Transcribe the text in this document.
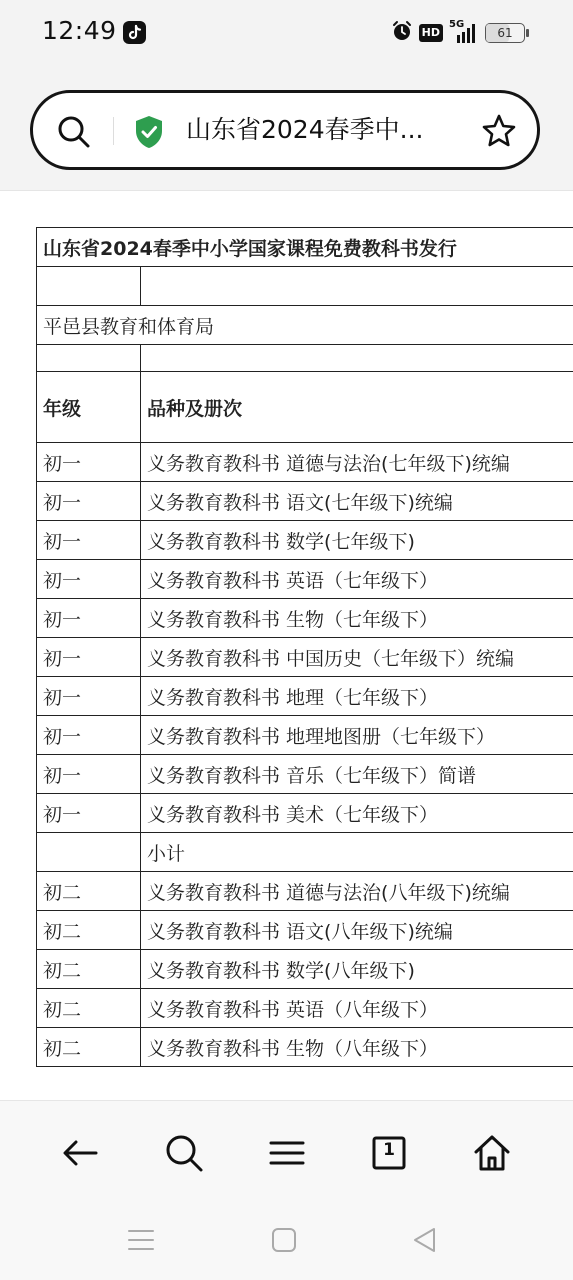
12:49	HD
5G
61
山东省2024春季中...
山东省2024春季中小学国家课程免费教科书发行	

平邑县教育和体育局	

年级	品种及册次
初一	义务教育教科书 道德与法治(七年级下)统编
初一	义务教育教科书 语文(七年级下)统编
初一	义务教育教科书 数学(七年级下)
初一	义务教育教科书 英语（七年级下）
初一	义务教育教科书 生物（七年级下）
初一	义务教育教科书 中国历史（七年级下）统编
初一	义务教育教科书 地理（七年级下）
初一	义务教育教科书 地理地图册（七年级下）
初一	义务教育教科书 音乐（七年级下）简谱
初一	义务教育教科书 美术（七年级下）
	小计
初二	义务教育教科书 道德与法治(八年级下)统编
初二	义务教育教科书 语文(八年级下)统编
初二	义务教育教科书 数学(八年级下)
初二	义务教育教科书 英语（八年级下）
初二	义务教育教科书 生物（八年级下）
1
